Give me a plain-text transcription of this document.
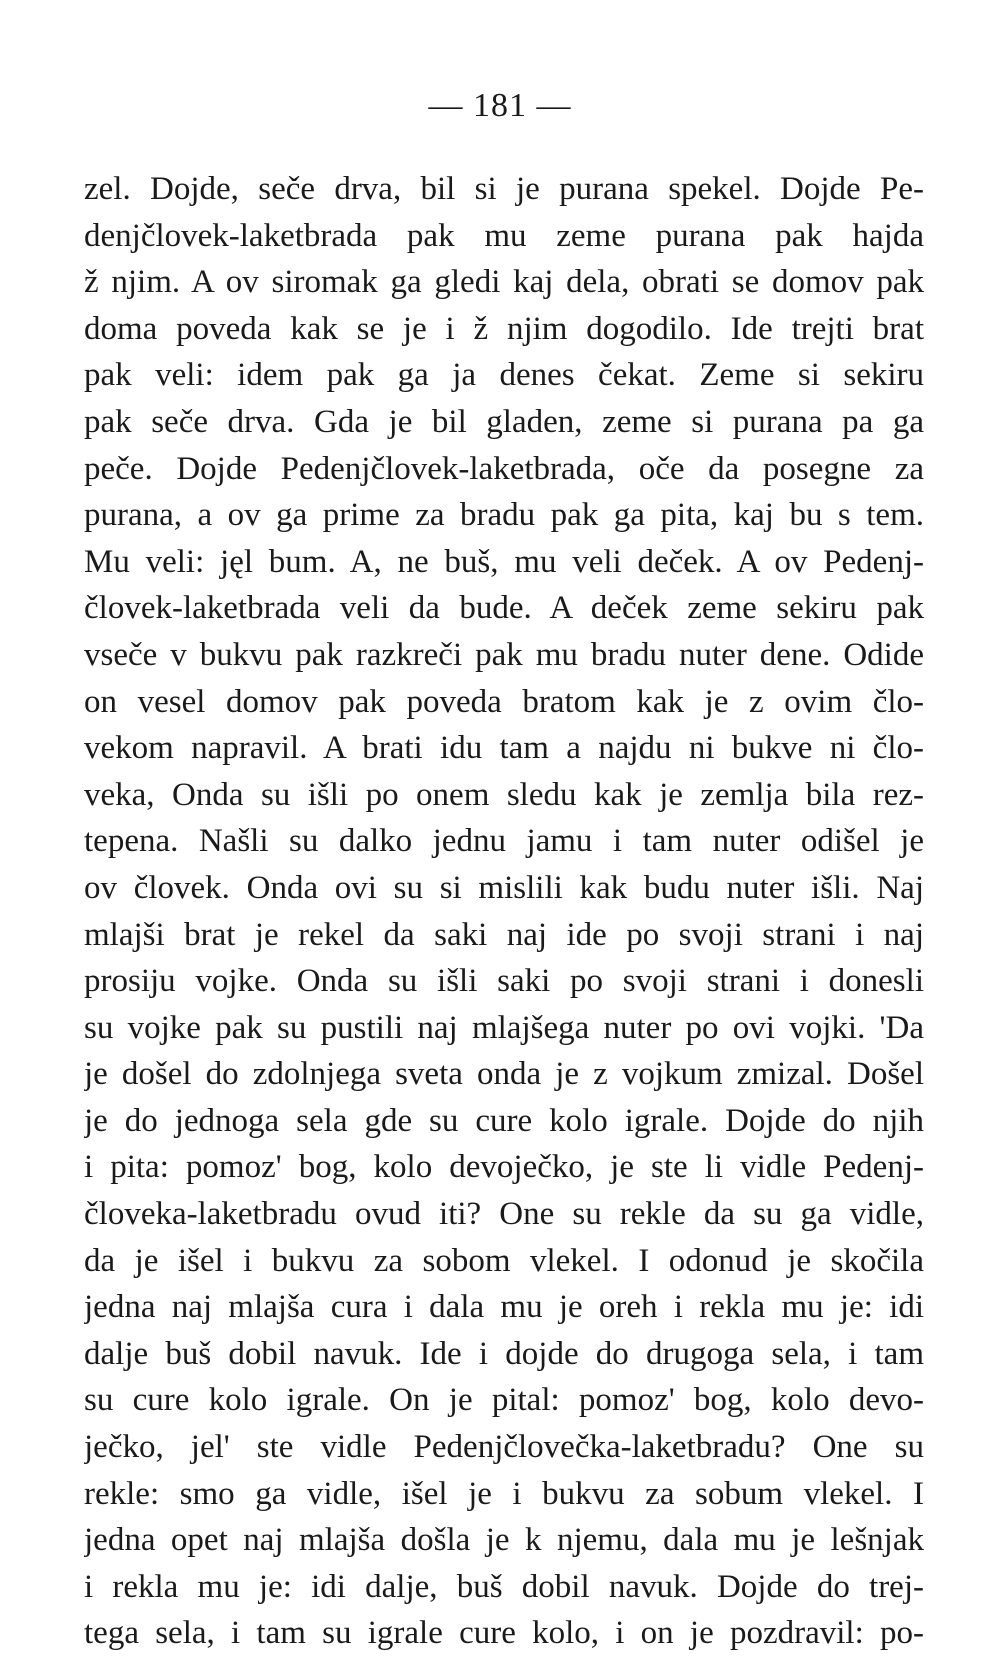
— 181 —
zel. Dojde, seče drva, bil si je purana spekel. Dojde Pe-
denjčlovek-laketbrada pak mu zeme purana pak hajda
ž njim. A ov siromak ga gledi kaj dela, obrati se domov pak
doma poveda kak se je i ž njim dogodilo. Ide trejti brat
pak veli: idem pak ga ja denes čekat. Zeme si sekiru
pak seče drva. Gda je bil gladen, zeme si purana pa ga
peče. Dojde Pedenjčlovek-laketbrada, oče da posegne za
purana, a ov ga prime za bradu pak ga pita, kaj bu s tem.
Mu veli: jęl bum. A, ne buš, mu veli deček. A ov Pedenj-
človek-laketbrada veli da bude. A deček zeme sekiru pak
vseče v bukvu pak razkreči pak mu bradu nuter dene. Odide
on vesel domov pak poveda bratom kak je z ovim člo-
vekom napravil. A brati idu tam a najdu ni bukve ni člo-
veka, Onda su išli po onem sledu kak je zemlja bila rez-
tepena. Našli su dalko jednu jamu i tam nuter odišel je
ov človek. Onda ovi su si mislili kak budu nuter išli. Naj
mlajši brat je rekel da saki naj ide po svoji strani i naj
prosiju vojke. Onda su išli saki po svoji strani i donesli
su vojke pak su pustili naj mlajšega nuter po ovi vojki. 'Da
je došel do zdolnjega sveta onda je z vojkum zmizal. Došel
je do jednoga sela gde su cure kolo igrale. Dojde do njih
i pita: pomoz' bog, kolo devoječko, je ste li vidle Pedenj-
človeka-laketbradu ovud iti? One su rekle da su ga vidle,
da je išel i bukvu za sobom vlekel. I odonud je skočila
jedna naj mlajša cura i dala mu je oreh i rekla mu je: idi
dalje buš dobil navuk. Ide i dojde do drugoga sela, i tam
su cure kolo igrale. On je pital: pomoz' bog, kolo devo-
ječko, jel' ste vidle Pedenjčlovečka-laketbradu? One su
rekle: smo ga vidle, išel je i bukvu za sobum vlekel. I
jedna opet naj mlajša došla je k njemu, dala mu je lešnjak
i rekla mu je: idi dalje, buš dobil navuk. Dojde do trej-
tega sela, i tam su igrale cure kolo, i on je pozdravil: po-
